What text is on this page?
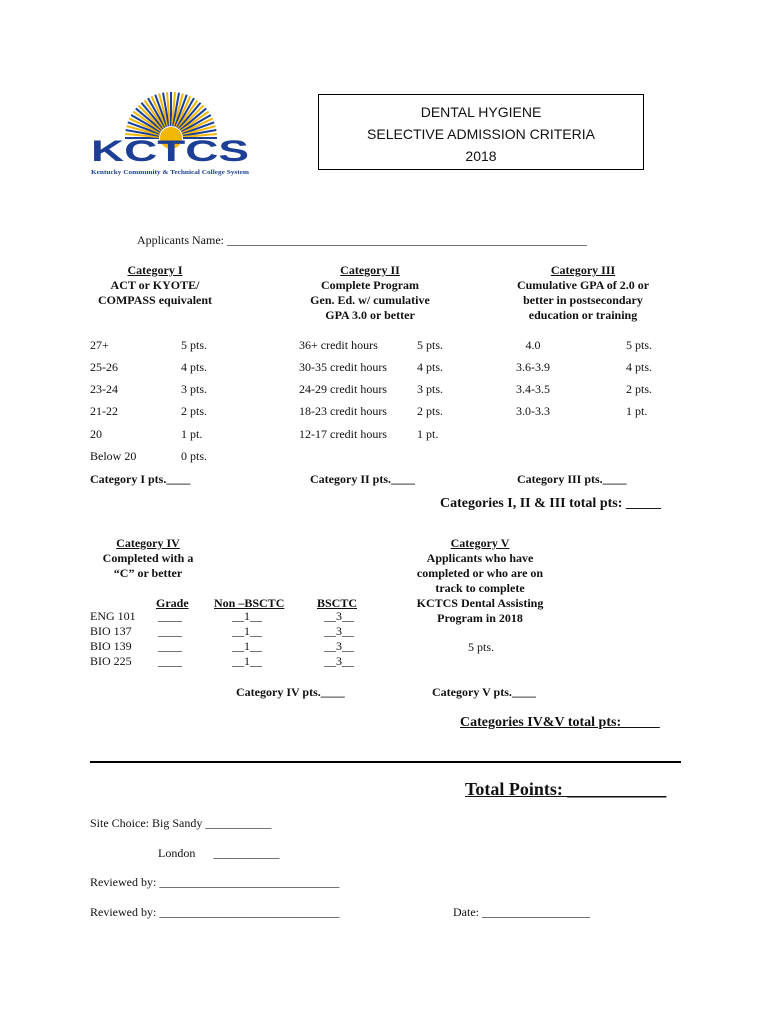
KCTCS
Kentucky Community & Technical College System
DENTAL HYGIENE
SELECTIVE ADMISSION CRITERIA
2018
Applicants Name: ____________________________________________________________
Category I
ACT or KYOTE/
COMPASS equivalent
Category II
Complete Program
Gen. Ed. w/ cumulative
GPA 3.0 or better
Category III
Cumulative GPA of 2.0 or
better in postsecondary
education or training
27+	5 pts.
25-26	4 pts.
23-24	3 pts.
21-22	2 pts.
20	1 pt.
Below 20	0 pts.
36+ credit hours	5 pts.
30-35 credit hours	4 pts.
24-29 credit hours	3 pts.
18-23 credit hours	2 pts.
12-17 credit hours	1 pt.
4.0	5 pts.
3.6-3.9	4 pts.
3.4-3.5	2 pts.
3.0-3.3	1 pt.
Category I pts.____	Category II pts.____	Category III pts.____
Categories I, II & III total pts: _____
Category IV
Completed with a
“C” or better
Grade Non –BSCTC	BSCTC
ENG 101 ____	__1__	__3__
BIO 137 ____	__1__	__3__
BIO 139 ____	__1__	__3__
BIO 225 ____	__1__	__3__
Category V
Applicants who have
completed or who are on
track to complete
KCTCS Dental Assisting
Program in 2018
5 pts.
Category IV pts.____	Category V pts.____
Categories IV&V total pts: _____
Total Points: ___________
Site Choice: Big Sandy ___________
London      ___________
Reviewed by: ______________________________
Reviewed by: ______________________________	Date: __________________
